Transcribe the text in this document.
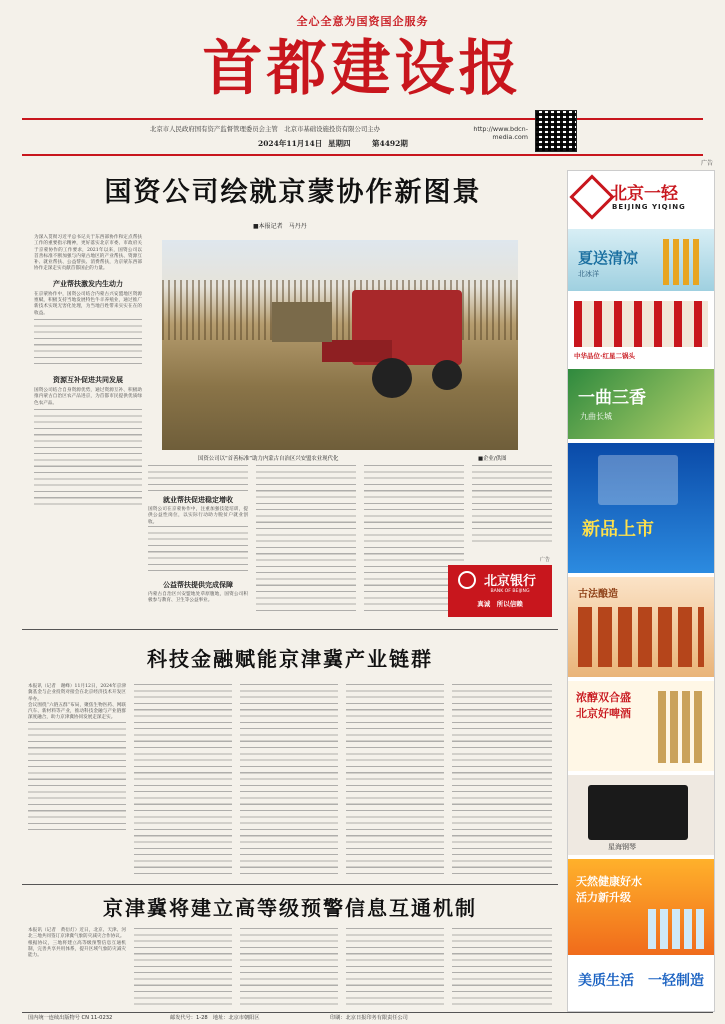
全心全意为国资国企服务
首都建设报
北京市人民政府国有资产监督管理委员会主管　北京市基础设施投资有限公司主办	http://www.bdcn-media.com
2024年11月14日 星期四	第4492期
广告
国资公司绘就京蒙协作新图景
■本报记者　马丹丹
为深入贯彻习近平总书记关于东西部协作和定点帮扶工作的重要指示精神，更好落实北京市委、市政府关于京蒙协作的工作要求，2021年以来，国资公司以首善标准不断加强与内蒙古地区的产业帮扶、资源互补、就业帮扶、公益帮扶、消费帮扶，为京蒙东西部协作走深走实贡献首都国企的力量。
产业帮扶激发内生动力
在京蒙协作中，国资公司结合内蒙古兴安盟地区资源禀赋，积极支持当地发展特色牛羊养殖业，通过推广新技术实现无害化处理，为当地百姓带来实实在在的收益。
资源互补促进共同发展
国资公司结合自身资源优势，通过资源互补、积极助推内蒙古自治区农产品进京，为首都市民提供优质绿色农产品。
国资公司以“首善标准”助力内蒙古自治区兴安盟农业现代化	■企业/供图
就业帮扶促进稳定增收
国资公司在京蒙协作中，注重加强技能培训，提供公益性岗位，以实际行动助力脱贫户就业创收。
公益帮扶提供完成保障
内蒙古自治区兴安盟地处草原腹地，国资公司积极参与教育、卫生等公益事业。
广告
北京银行
BANK OF BEIJING
真诚　所以信赖
科技金融赋能京津冀产业链群
本报讯（记者　谢峰）11月12日，2024年京津冀基金与企业投资对接会在北京经济技术开发区举办。
会议围绕“六链五群”布局，聚焦生物医药、网联汽车、新材料等产业，推动科技金融与产业链群深度融合，助力京津冀协同发展走深走实。
京津冀将建立高等级预警信息互通机制
本报讯（记者　黄衍灯）近日，北京、天津、河北三地共同签订京津冀气象防灾减灾合作协议。
根据协议，三地将建立高等级预警信息互通机制，完善共享共用体系，提升区域气象防灾减灾能力。
北京一轻
BEIJING YIQING
夏送清凉
北冰洋
中华品位·红星二锅头
一曲三香
九曲长城
新品上市
古法酿造
浓醇双合盛
北京好啤酒
星海钢琴
天然健康好水
活力新升级
美质生活　一轻制造
国内统一连续出版物号 CN 11-0232	邮发代号：1-28　地址：北京市朝阳区	印刷：北京日报印务有限责任公司
